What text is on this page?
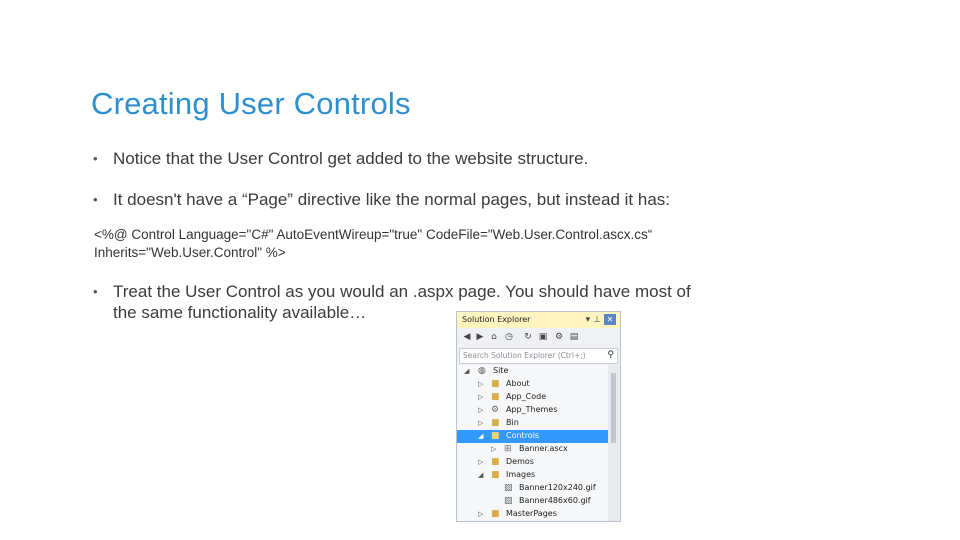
Creating User Controls
• Notice that the User Control get added to the website structure.
• It doesn't have a “Page” directive like the normal pages, but instead it has:
<%@ Control Language="C#" AutoEventWireup="true" CodeFile="Web.User.Control.ascx.cs“
Inherits="Web.User.Control" %>
• Treat the User Control as you would an .aspx page. You should have most of
the same functionality available…	Solution Explorer	▾⊥ ✕
◀ ▶ ⌂ ◷ ↻ ▣ ⚙ ▤
Search Solution Explorer (Ctrl+;) ⚲
◢ ◍ Site
▷ ■ About
▷ ■ App_Code
▷ ⚙ App_Themes
▷ ■ Bin
◢ ■ Controls
▷ ⊞ Banner.ascx
▷ ■ Demos
◢ ■ Images
▨ Banner120x240.gif
▨ Banner486x60.gif
▷ ■ MasterPages
